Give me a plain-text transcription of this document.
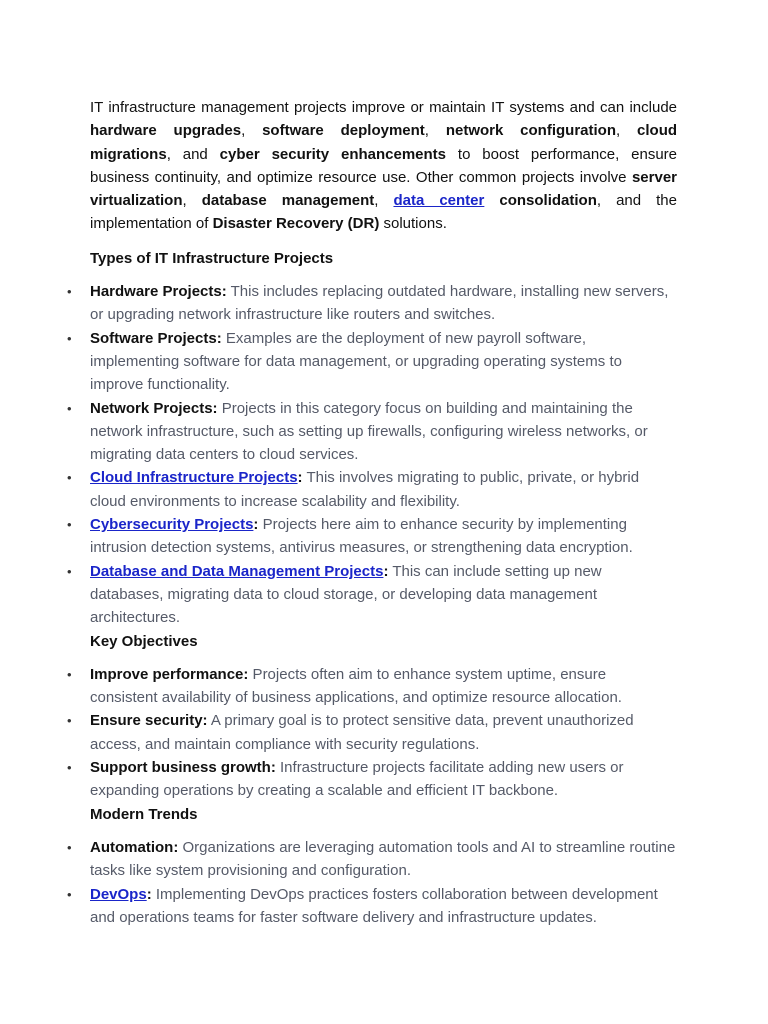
IT infrastructure management projects improve or maintain IT systems and can include hardware upgrades, software deployment, network configuration, cloud migrations, and cyber security enhancements to boost performance, ensure business continuity, and optimize resource use. Other common projects involve server virtualization, database management, data center consolidation, and the implementation of Disaster Recovery (DR) solutions.

Types of IT Infrastructure Projects

• Hardware Projects: This includes replacing outdated hardware, installing new servers, or upgrading network infrastructure like routers and switches.
• Software Projects: Examples are the deployment of new payroll software, implementing software for data management, or upgrading operating systems to improve functionality.
• Network Projects: Projects in this category focus on building and maintaining the network infrastructure, such as setting up firewalls, configuring wireless networks, or migrating data centers to cloud services.
• Cloud Infrastructure Projects: This involves migrating to public, private, or hybrid cloud environments to increase scalability and flexibility.
• Cybersecurity Projects: Projects here aim to enhance security by implementing intrusion detection systems, antivirus measures, or strengthening data encryption.
• Database and Data Management Projects: This can include setting up new databases, migrating data to cloud storage, or developing data management architectures.

Key Objectives

• Improve performance: Projects often aim to enhance system uptime, ensure consistent availability of business applications, and optimize resource allocation.
• Ensure security: A primary goal is to protect sensitive data, prevent unauthorized access, and maintain compliance with security regulations.
• Support business growth: Infrastructure projects facilitate adding new users or expanding operations by creating a scalable and efficient IT backbone.

Modern Trends

• Automation: Organizations are leveraging automation tools and AI to streamline routine tasks like system provisioning and configuration.
• DevOps: Implementing DevOps practices fosters collaboration between development and operations teams for faster software delivery and infrastructure updates.
